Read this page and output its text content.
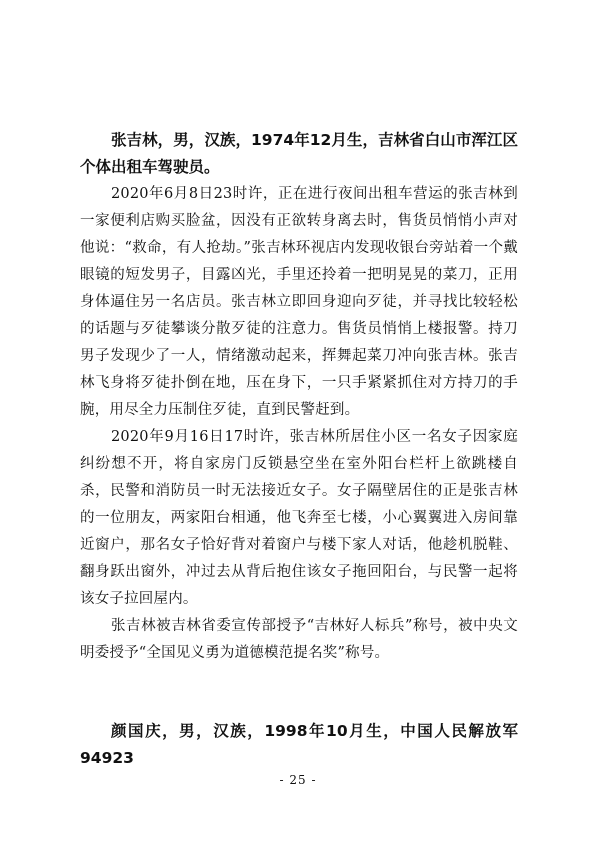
张吉林，男，汉族，1974年12月生，吉林省白山市浑江区个体出租车驾驶员。

2020年6月8日23时许，正在进行夜间出租车营运的张吉林到一家便利店购买脸盆，因没有正欲转身离去时，售货员悄悄小声对他说：“救命，有人抢劫。”张吉林环视店内发现收银台旁站着一个戴眼镜的短发男子，目露凶光，手里还拎着一把明晃晃的菜刀，正用身体逼住另一名店员。张吉林立即回身迎向歹徒，并寻找比较轻松的话题与歹徒攀谈分散歹徒的注意力。售货员悄悄上楼报警。持刀男子发现少了一人，情绪激动起来，挥舞起菜刀冲向张吉林。张吉林飞身将歹徒扑倒在地，压在身下，一只手紧紧抓住对方持刀的手腕，用尽全力压制住歹徒，直到民警赶到。

2020年9月16日17时许，张吉林所居住小区一名女子因家庭纠纷想不开，将自家房门反锁悬空坐在室外阳台栏杆上欲跳楼自杀，民警和消防员一时无法接近女子。女子隔壁居住的正是张吉林的一位朋友，两家阳台相通，他飞奔至七楼，小心翼翼进入房间靠近窗户，那名女子恰好背对着窗户与楼下家人对话，他趁机脱鞋、翻身跃出窗外，冲过去从背后抱住该女子拖回阳台，与民警一起将该女子拉回屋内。

张吉林被吉林省委宣传部授予“吉林好人标兵”称号，被中央文明委授予“全国见义勇为道德模范提名奖”称号。

颜国庆，男，汉族，1998年10月生，中国人民解放军94923

- 25 -
